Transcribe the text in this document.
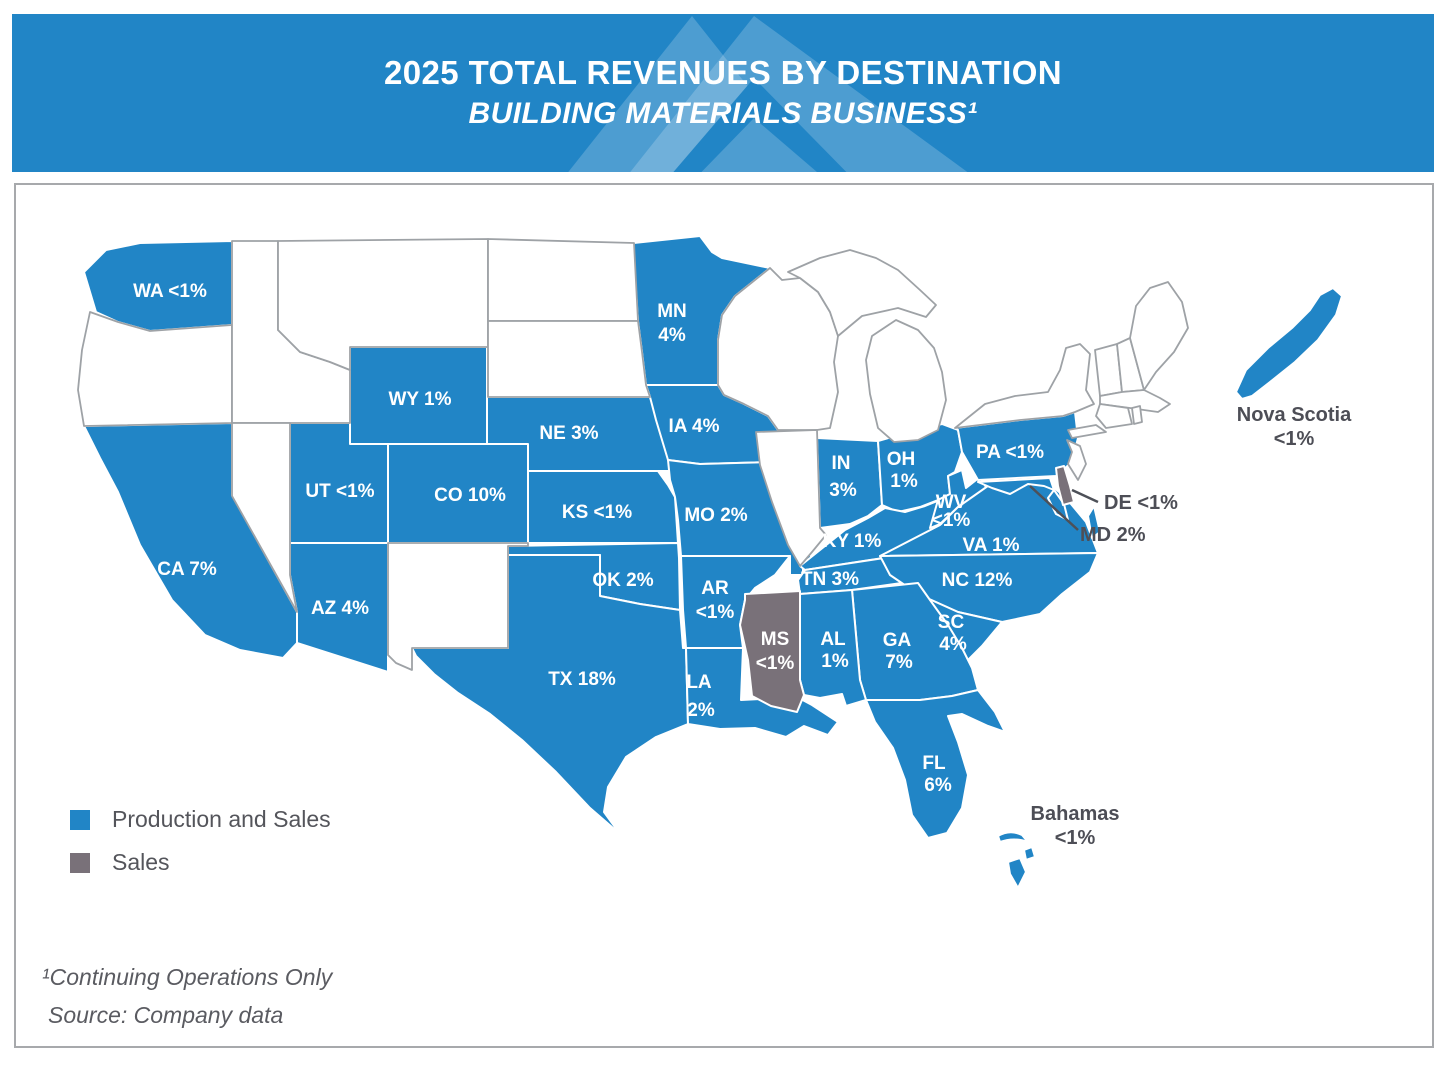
2025 TOTAL REVENUES BY DESTINATION
BUILDING MATERIALS BUSINESS¹
WA <1%
WY 1%
UT <1%	CO 10%
CA 7%
AZ 4%
NE 3%
KS <1%
OK 2%
TX 18%
MN
4%
IA 4%
MO 2%
AR
<1%
LA
2%
IN
3%
OH
1%
KY 1%
TN 3%
WV
<1%
VA 1%
PA <1%
NC 12%
SC
4%
GA
7%
AL
1%
FL
6%
MS
<1%
DE <1%
MD 2%
Nova Scotia
<1%
Bahamas
<1%
Production and Sales
Sales
¹Continuing Operations Only
Source: Company data
